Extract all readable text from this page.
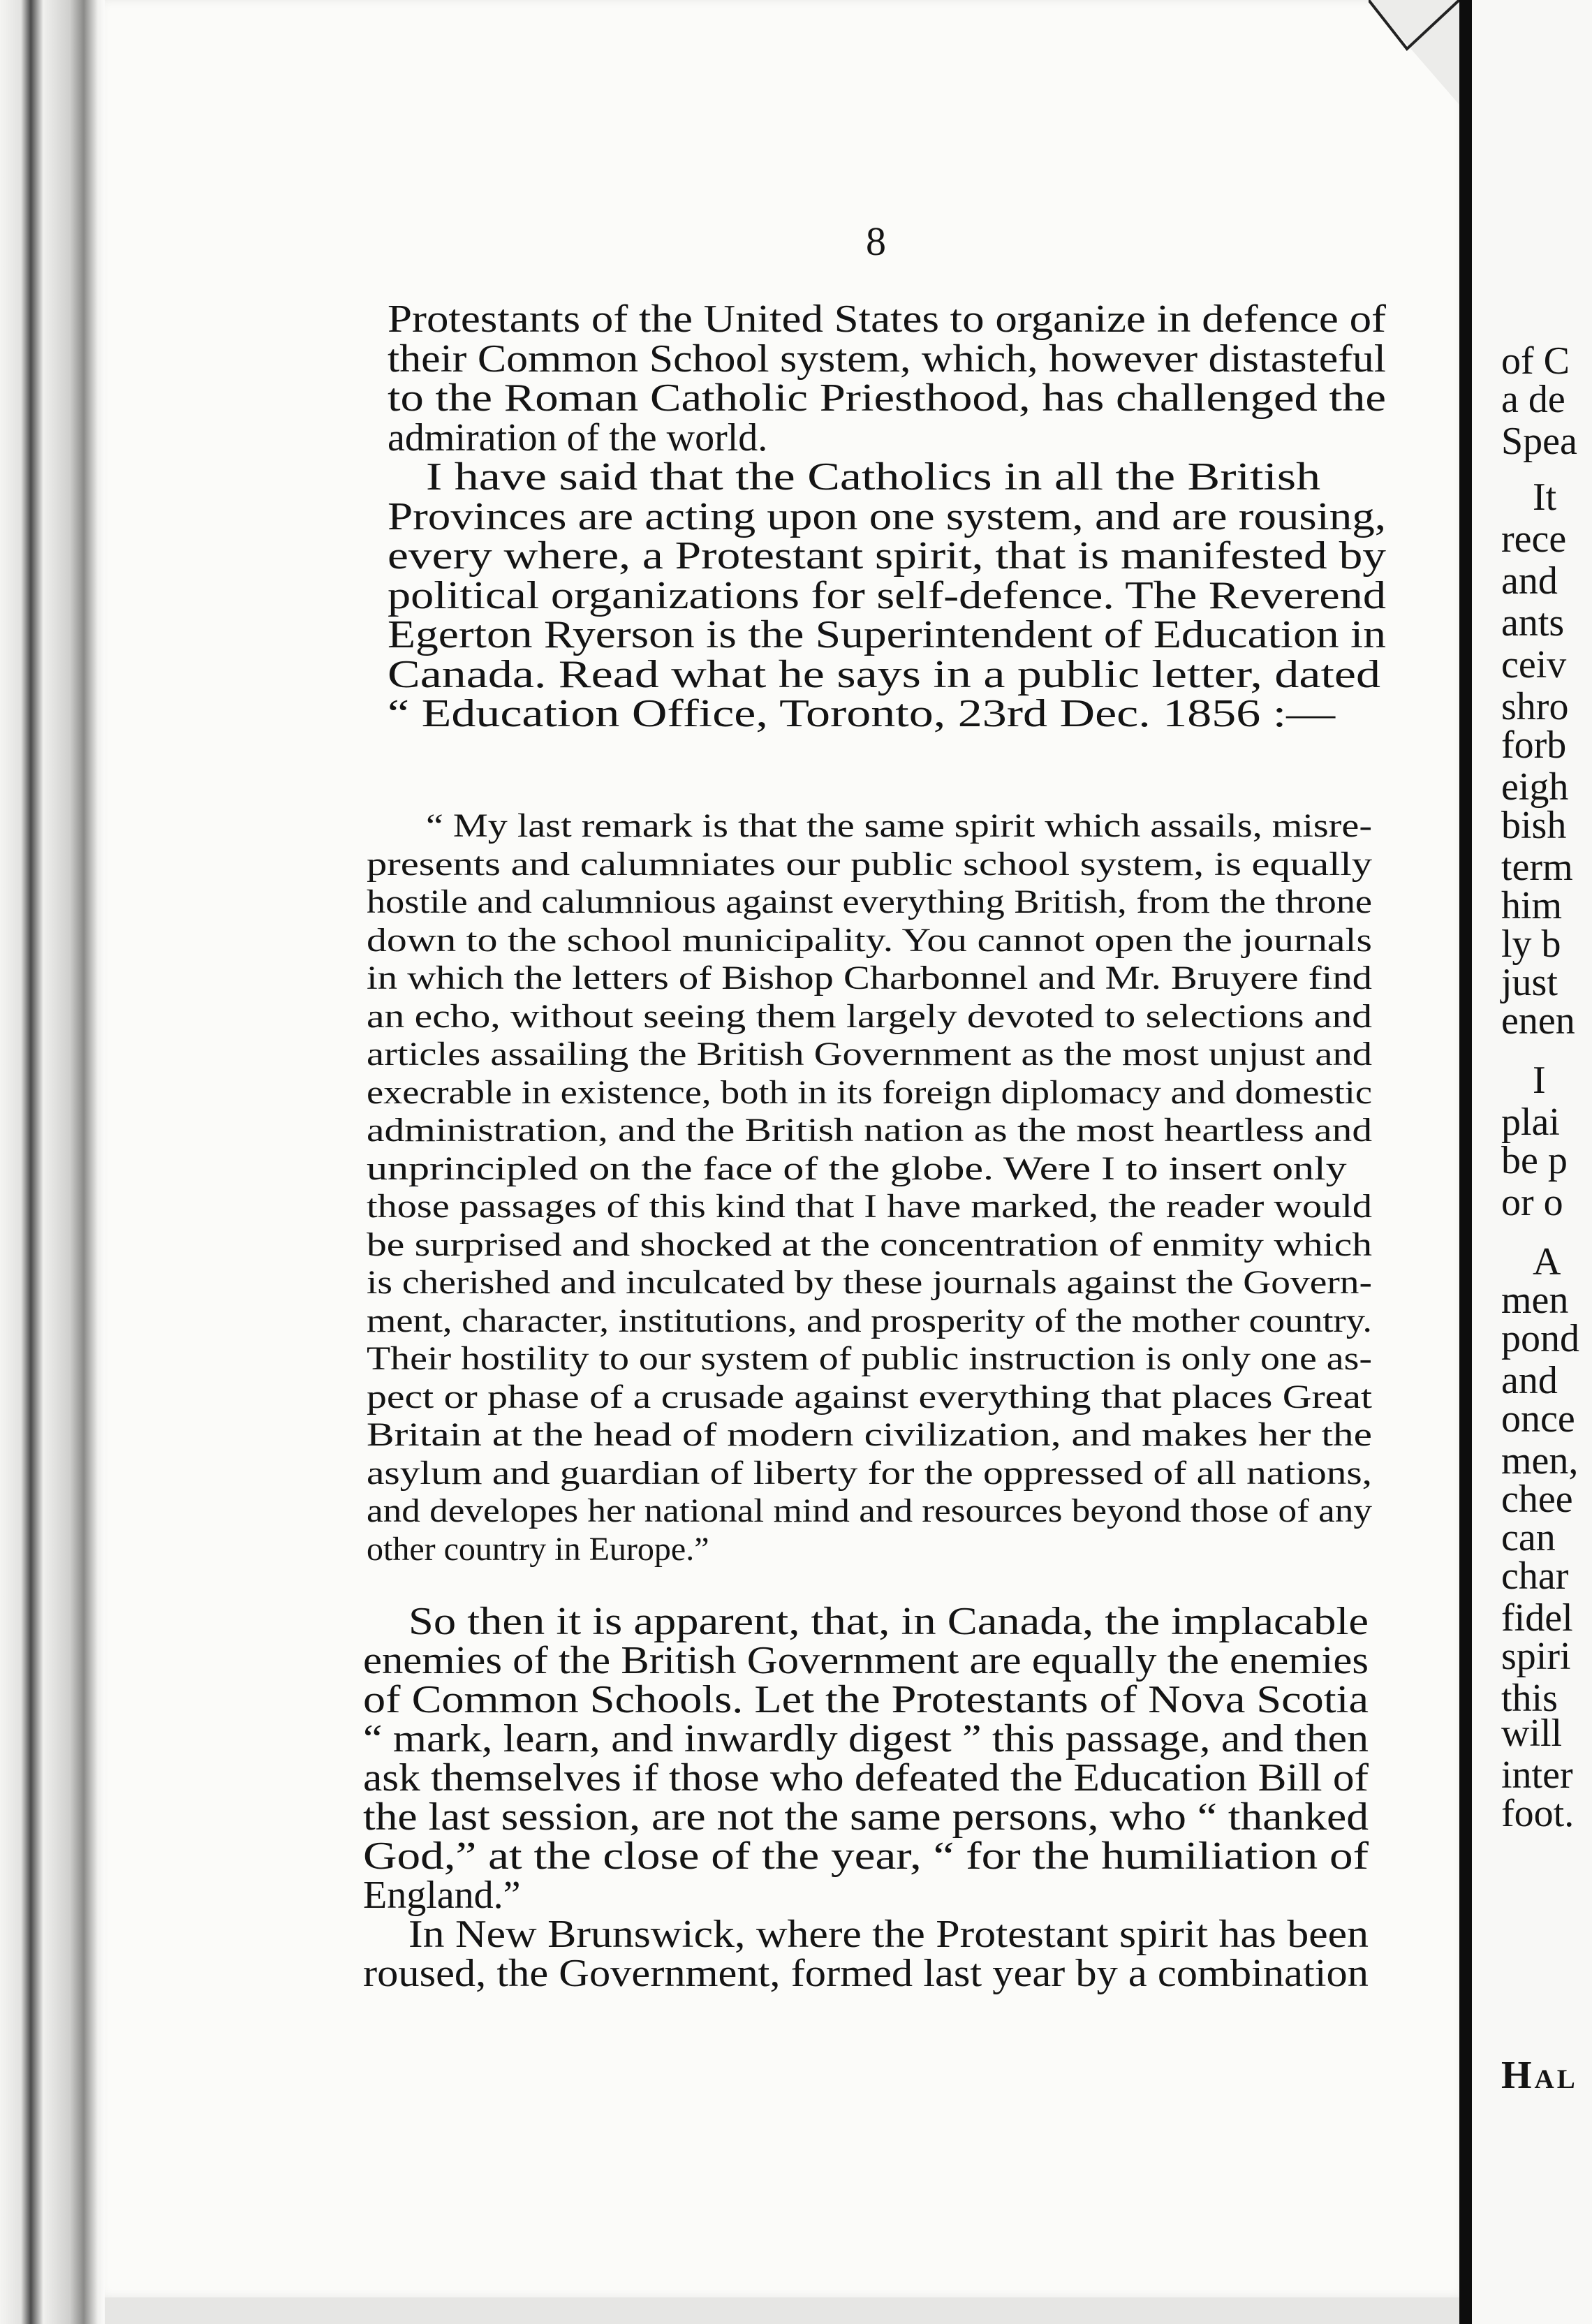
8
Protestants of the United States to organize in defence of
their Common School system, which, however distasteful
to the Roman Catholic Priesthood, has challenged the
admiration of the world.
I have said that the Catholics in all the British
Provinces are acting upon one system, and are rousing,
every where, a Protestant spirit, that is manifested by
political organizations for self-defence. The Reverend
Egerton Ryerson is the Superintendent of Education in
Canada. Read what he says in a public letter, dated
“ Education Office, Toronto, 23rd Dec. 1856 :—
“ My last remark is that the same spirit which assails, misre-
presents and calumniates our public school system, is equally
hostile and calumnious against everything British, from the throne
down to the school municipality. You cannot open the journals
in which the letters of Bishop Charbonnel and Mr. Bruyere find
an echo, without seeing them largely devoted to selections and
articles assailing the British Government as the most unjust and
execrable in existence, both in its foreign diplomacy and domestic
administration, and the British nation as the most heartless and
unprincipled on the face of the globe. Were I to insert only
those passages of this kind that I have marked, the reader would
be surprised and shocked at the concentration of enmity which
is cherished and inculcated by these journals against the Govern-
ment, character, institutions, and prosperity of the mother country.
Their hostility to our system of public instruction is only one as-
pect or phase of a crusade against everything that places Great
Britain at the head of modern civilization, and makes her the
asylum and guardian of liberty for the oppressed of all nations,
and developes her national mind and resources beyond those of any
other country in Europe.”
So then it is apparent, that, in Canada, the implacable
enemies of the British Government are equally the enemies
of Common Schools. Let the Protestants of Nova Scotia
“ mark, learn, and inwardly digest ” this passage, and then
ask themselves if those who defeated the Education Bill of
the last session, are not the same persons, who “ thanked
God,” at the close of the year, “ for the humiliation of
England.”
In New Brunswick, where the Protestant spirit has been
roused, the Government, formed last year by a combination
of C
a de
Spea
It
rece
and
ants
ceiv
shro
forb
eigh
bish
term
him
ly b
just
enen
I
plai
be p
or o
A
men
pond
and
once
men,
chee
can
char
fidel
spiri
this
will
inter
foot.
Hal
